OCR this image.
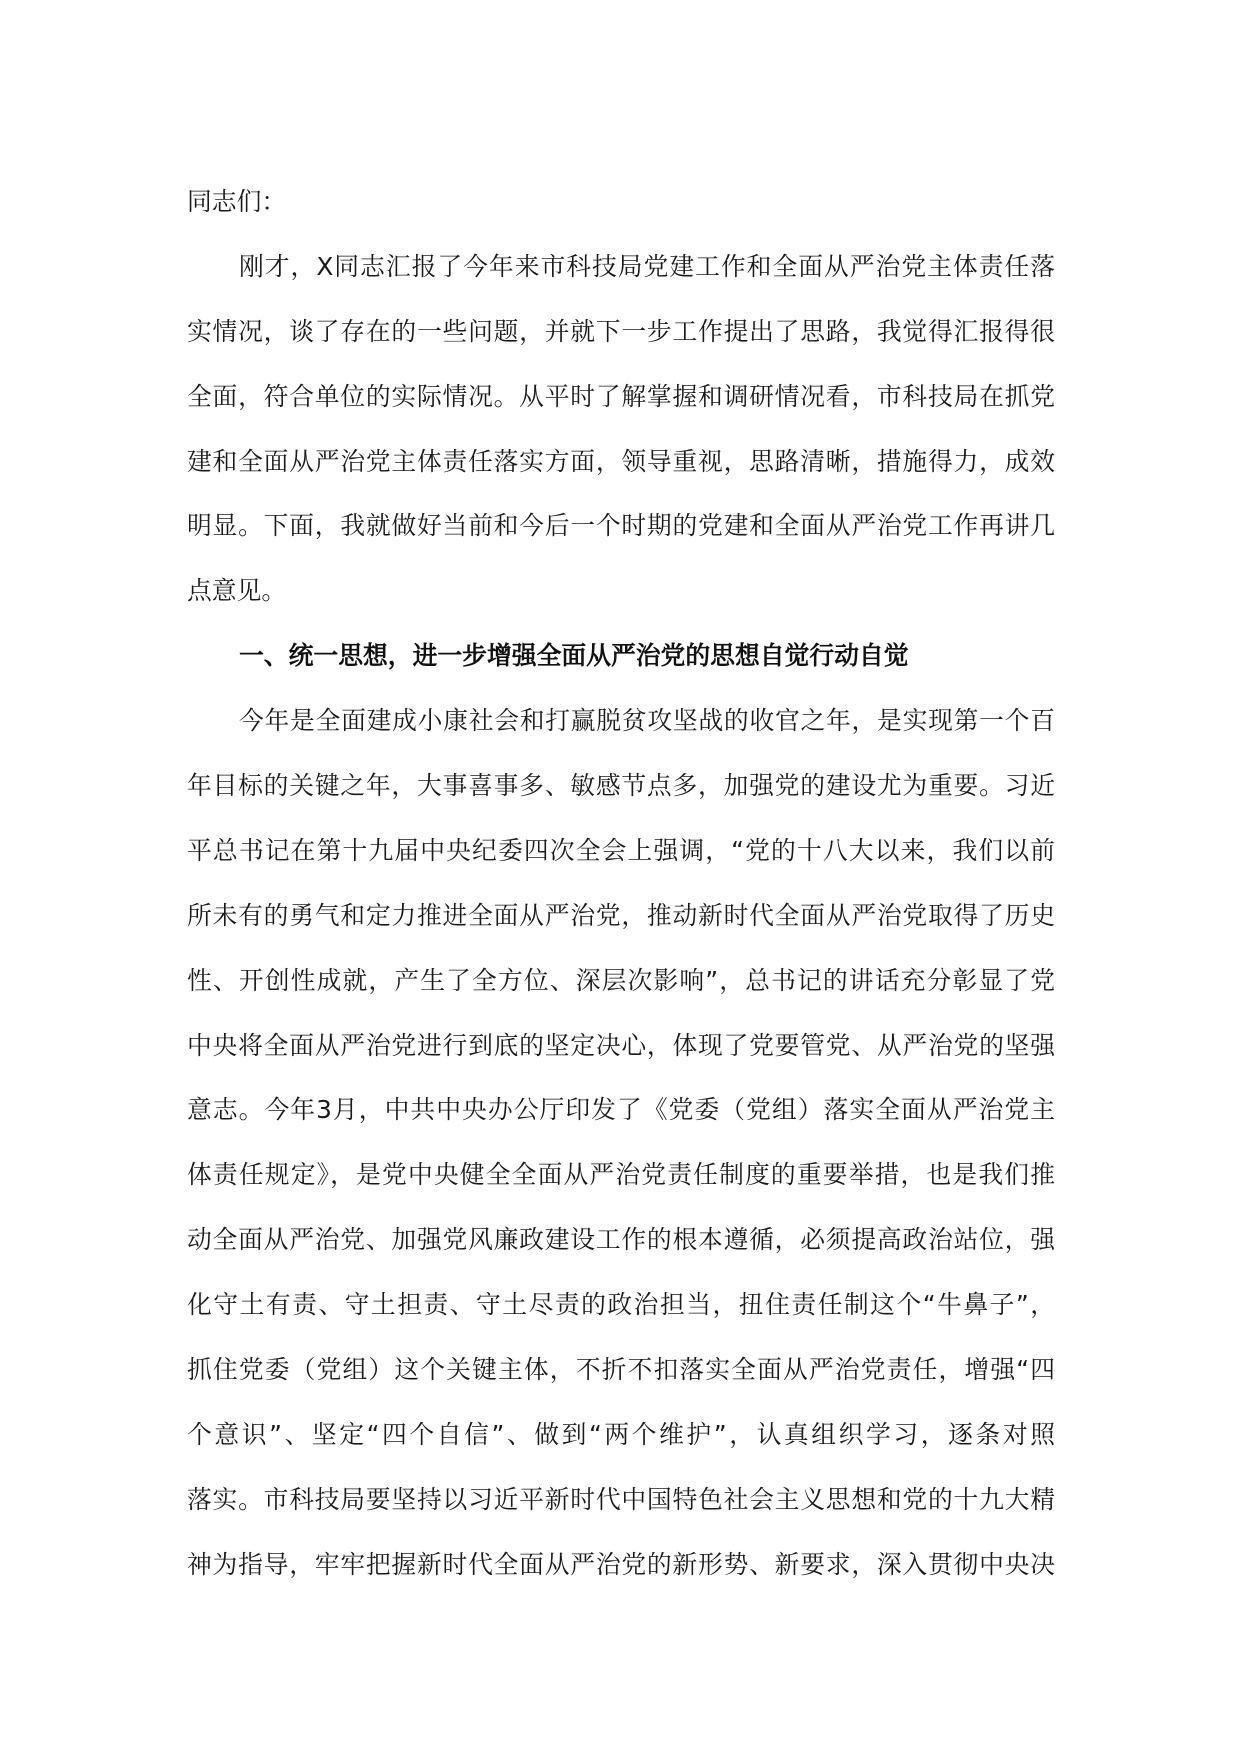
同志们：
刚才，X同志汇报了今年来市科技局党建工作和全面从严治党主体责任落
实情况，谈了存在的一些问题，并就下一步工作提出了思路，我觉得汇报得很
全面，符合单位的实际情况。从平时了解掌握和调研情况看，市科技局在抓党
建和全面从严治党主体责任落实方面，领导重视，思路清晰，措施得力，成效
明显。下面，我就做好当前和今后一个时期的党建和全面从严治党工作再讲几
点意见。
一、统一思想，进一步增强全面从严治党的思想自觉行动自觉
今年是全面建成小康社会和打赢脱贫攻坚战的收官之年，是实现第一个百
年目标的关键之年，大事喜事多、敏感节点多，加强党的建设尤为重要。习近
平总书记在第十九届中央纪委四次全会上强调，“党的十八大以来，我们以前
所未有的勇气和定力推进全面从严治党，推动新时代全面从严治党取得了历史
性、开创性成就，产生了全方位、深层次影响”，总书记的讲话充分彰显了党
中央将全面从严治党进行到底的坚定决心，体现了党要管党、从严治党的坚强
意志。今年3月，中共中央办公厅印发了《党委（党组）落实全面从严治党主
体责任规定》，是党中央健全全面从严治党责任制度的重要举措，也是我们推
动全面从严治党、加强党风廉政建设工作的根本遵循，必须提高政治站位，强
化守土有责、守土担责、守土尽责的政治担当，扭住责任制这个“牛鼻子”，
抓住党委（党组）这个关键主体，不折不扣落实全面从严治党责任，增强“四
个意识”、坚定“四个自信”、做到“两个维护”，认真组织学习，逐条对照
落实。市科技局要坚持以习近平新时代中国特色社会主义思想和党的十九大精
神为指导，牢牢把握新时代全面从严治党的新形势、新要求，深入贯彻中央决
